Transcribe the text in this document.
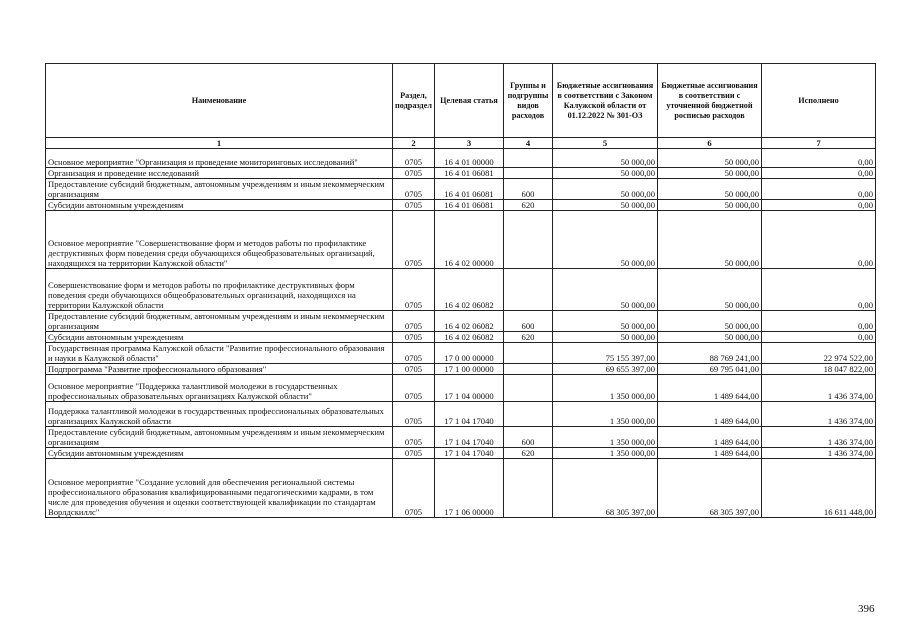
Наименование	Раздел, подраздел	Целевая статья	Группы и подгруппы видов расходов	Бюджетные ассигнования в соответствии с Законом Калужской области от 01.12.2022 № 301-ОЗ	Бюджетные ассигнования в соответствии с уточненной бюджетной росписью расходов	Исполнено
1	2	3	4	5	6	7
Основное мероприятие "Организация и проведение мониторинговых исследований"	0705	16 4 01 00000		50 000,00	50 000,00	0,00
Организация и проведение исследований	0705	16 4 01 06081		50 000,00	50 000,00	0,00
Предоставление субсидий бюджетным, автономным учреждениям и иным некоммерческим организациям	0705	16 4 01 06081	600	50 000,00	50 000,00	0,00
Субсидии автономным учреждениям	0705	16 4 01 06081	620	50 000,00	50 000,00	0,00
Основное мероприятие "Совершенствование форм и методов работы по профилактике деструктивных форм поведения среди обучающихся общеобразовательных организаций, находящихся на территории Калужской области"	0705	16 4 02 00000		50 000,00	50 000,00	0,00
Совершенствование форм и методов работы по профилактике деструктивных форм поведения среди обучающихся общеобразовательных организаций, находящихся на территории Калужской области	0705	16 4 02 06082		50 000,00	50 000,00	0,00
Предоставление субсидий бюджетным, автономным учреждениям и иным некоммерческим организациям	0705	16 4 02 06082	600	50 000,00	50 000,00	0,00
Субсидии автономным учреждениям	0705	16 4 02 06082	620	50 000,00	50 000,00	0,00
Государственная программа Калужской области "Развитие профессионального образования и науки в Калужской области"	0705	17 0 00 00000		75 155 397,00	88 769 241,00	22 974 522,00
Подпрограмма "Развитие профессионального образования"	0705	17 1 00 00000		69 655 397,00	69 795 041,00	18 047 822,00
Основное мероприятие "Поддержка талантливой молодежи в государственных профессиональных образовательных организациях Калужской области"	0705	17 1 04 00000		1 350 000,00	1 489 644,00	1 436 374,00
Поддержка талантливой молодежи в государственных профессиональных образовательных организациях Калужской области	0705	17 1 04 17040		1 350 000,00	1 489 644,00	1 436 374,00
Предоставление субсидий бюджетным, автономным учреждениям и иным некоммерческим организациям	0705	17 1 04 17040	600	1 350 000,00	1 489 644,00	1 436 374,00
Субсидии автономным учреждениям	0705	17 1 04 17040	620	1 350 000,00	1 489 644,00	1 436 374,00
Основное мероприятие "Создание условий для обеспечения региональной системы профессионального образования квалифицированными педагогическими кадрами, в том числе для проведения обучения и оценки соответствующей квалификации по стандартам Ворлдскиллс"	0705	17 1 06 00000		68 305 397,00	68 305 397,00	16 611 448,00
396
